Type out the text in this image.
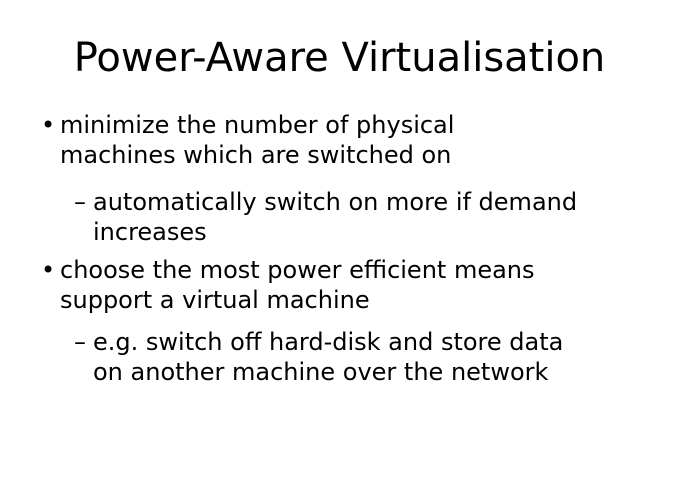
Power-Aware Virtualisation
• minimize the number of physical
machines which are switched on
– automatically switch on more if demand
increases
• choose the most power efficient means
support a virtual machine
– e.g. switch off hard-disk and store data
on another machine over the network
